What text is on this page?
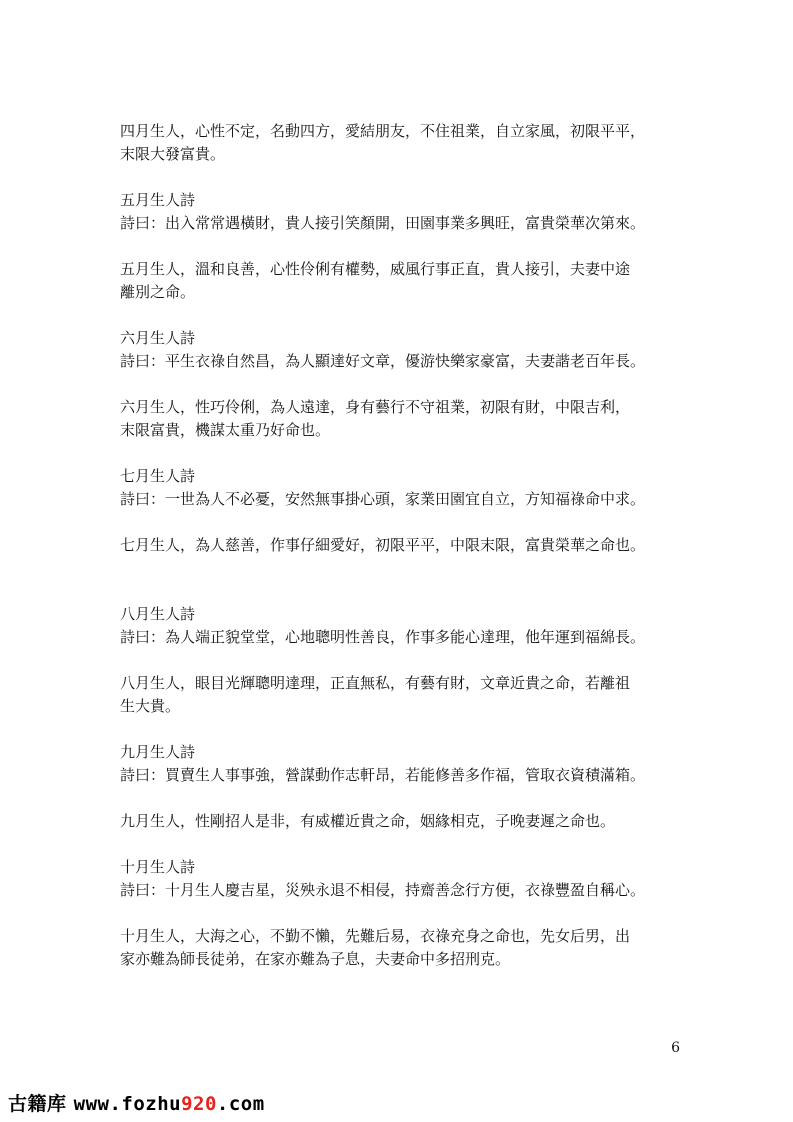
四月生人，心性不定，名動四方，愛結朋友，不住祖業，自立家風，初限平平，
末限大發富貴。
五月生人詩
詩曰：出入常常遇橫財，貴人接引笑顏開，田園事業多興旺，富貴榮華次第來。
五月生人，溫和良善，心性伶俐有權勢，威風行事正直，貴人接引，夫妻中途
離別之命。
六月生人詩
詩曰：平生衣祿自然昌，為人顯達好文章，優游快樂家豪富，夫妻諧老百年長。
六月生人，性巧伶俐，為人遠達，身有藝行不守祖業，初限有財，中限吉利，
末限富貴，機謀太重乃好命也。
七月生人詩
詩曰：一世為人不必憂，安然無事掛心頭，家業田園宜自立，方知福祿命中求。
七月生人，為人慈善，作事仔細愛好，初限平平，中限末限，富貴榮華之命也。
八月生人詩
詩曰：為人端正貌堂堂，心地聰明性善良，作事多能心達理，他年運到福綿長。
八月生人，眼目光輝聰明達理，正直無私，有藝有財，文章近貴之命，若離祖
生大貴。
九月生人詩
詩曰：買賣生人事事強，營謀動作志軒昂，若能修善多作福，管取衣資積滿箱。
九月生人，性剛招人是非，有威權近貴之命，姻緣相克，子晚妻遲之命也。
十月生人詩
詩曰：十月生人慶吉星，災殃永退不相侵，持齋善念行方便，衣祿豐盈自稱心。
十月生人，大海之心，不勤不懶，先難后易，衣祿充身之命也，先女后男，出
家亦難為師長徒弟，在家亦難為子息，夫妻命中多招刑克。
6
古籍库 www.fozhu920.com
